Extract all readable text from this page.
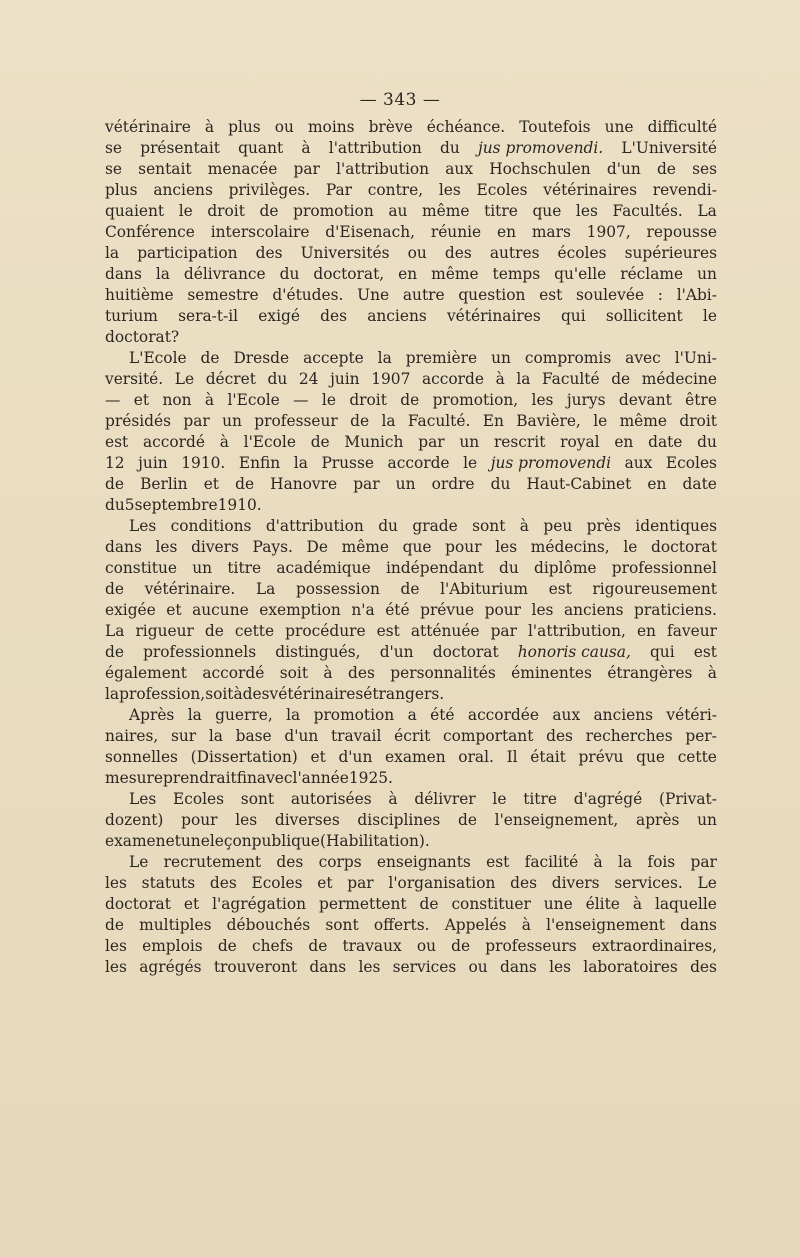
— 343 —
vétérinaire à plus ou moins brève échéance. Toutefois une difficulté
se présentait quant à l'attribution du jus promovendi. L'Université
se sentait menacée par l'attribution aux Hochschulen d'un de ses
plus anciens privilèges. Par contre, les Ecoles vétérinaires revendi-
quaient le droit de promotion au même titre que les Facultés. La
Conférence interscolaire d'Eisenach, réunie en mars 1907, repousse
la participation des Universités ou des autres écoles supérieures
dans la délivrance du doctorat, en même temps qu'elle réclame un
huitième semestre d'études. Une autre question est soulevée : l'Abi-
turium sera-t-il exigé des anciens vétérinaires qui sollicitent le
doctorat?
L'Ecole de Dresde accepte la première un compromis avec l'Uni-
versité. Le décret du 24 juin 1907 accorde à la Faculté de médecine
— et non à l'Ecole — le droit de promotion, les jurys devant être
présidés par un professeur de la Faculté. En Bavière, le même droit
est accordé à l'Ecole de Munich par un rescrit royal en date du
12 juin 1910. Enfin la Prusse accorde le jus promovendi aux Ecoles
de Berlin et de Hanovre par un ordre du Haut-Cabinet en date
du 5 septembre 1910.
Les conditions d'attribution du grade sont à peu près identiques
dans les divers Pays. De même que pour les médecins, le doctorat
constitue un titre académique indépendant du diplôme professionnel
de vétérinaire. La possession de l'Abiturium est rigoureusement
exigée et aucune exemption n'a été prévue pour les anciens praticiens.
La rigueur de cette procédure est atténuée par l'attribution, en faveur
de professionnels distingués, d'un doctorat honoris causa, qui est
également accordé soit à des personnalités éminentes étrangères à
la profession, soit à des vétérinaires étrangers.
Après la guerre, la promotion a été accordée aux anciens vétéri-
naires, sur la base d'un travail écrit comportant des recherches per-
sonnelles (Dissertation) et d'un examen oral. Il était prévu que cette
mesure prendrait fin avec l'année 1925.
Les Ecoles sont autorisées à délivrer le titre d'agrégé (Privat-
dozent) pour les diverses disciplines de l'enseignement, après un
examen et une leçon publique (Habilitation).
Le recrutement des corps enseignants est facilité à la fois par
les statuts des Ecoles et par l'organisation des divers services. Le
doctorat et l'agrégation permettent de constituer une élite à laquelle
de multiples débouchés sont offerts. Appelés à l'enseignement dans
les emplois de chefs de travaux ou de professeurs extraordinaires,
les agrégés trouveront dans les services ou dans les laboratoires des
